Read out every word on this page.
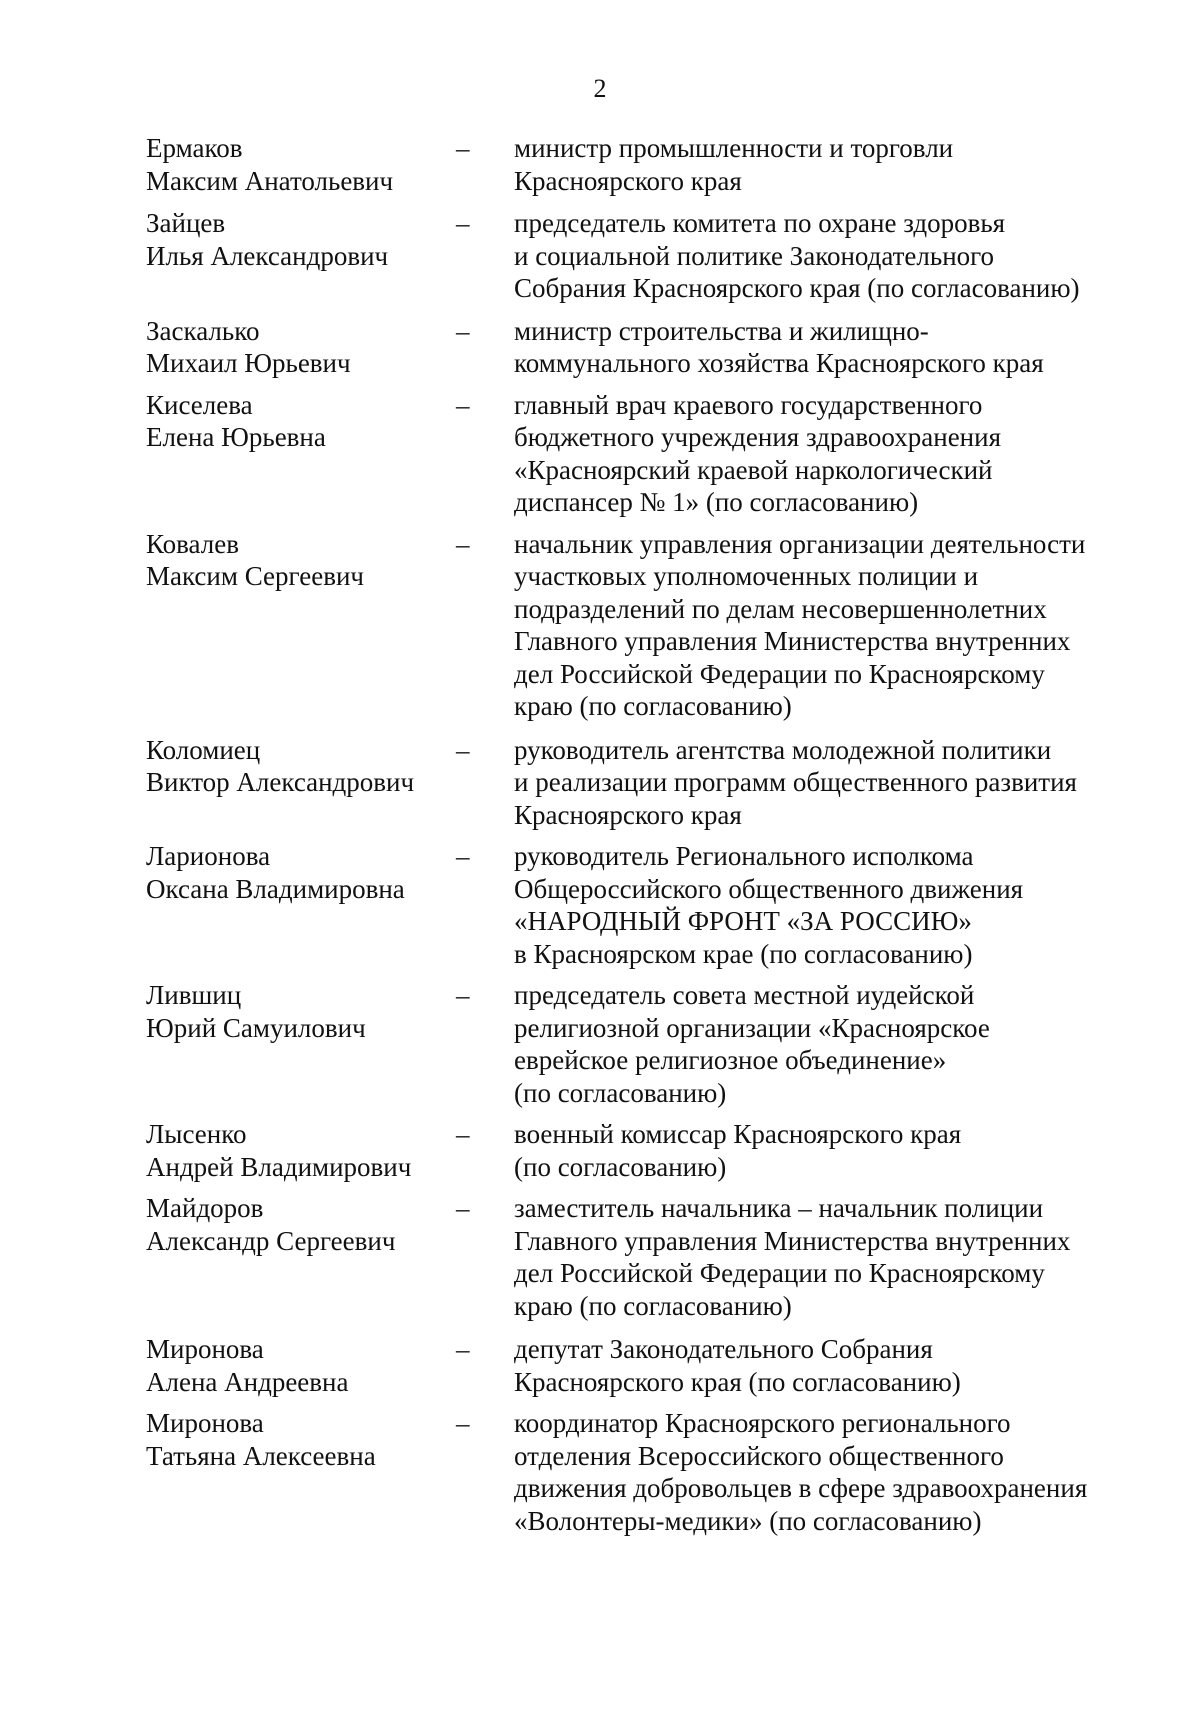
2
Ермаков
Максим Анатольевич
–	министр промышленности и торговли
Красноярского края
Зайцев
Илья Александрович
–	председатель комитета по охране здоровья
и социальной политике Законодательного
Собрания Красноярского края (по согласованию)
Заскалько
Михаил Юрьевич
–	министр строительства и жилищно-
коммунального хозяйства Красноярского края
Киселева
Елена Юрьевна
–	главный врач краевого государственного
бюджетного учреждения здравоохранения
«Красноярский краевой наркологический
диспансер № 1» (по согласованию)
Ковалев
Максим Сергеевич
–	начальник управления организации деятельности
участковых уполномоченных полиции и
подразделений по делам несовершеннолетних
Главного управления Министерства внутренних
дел Российской Федерации по Красноярскому
краю (по согласованию)
Коломиец
Виктор Александрович
–	руководитель агентства молодежной политики
и реализации программ общественного развития
Красноярского края
Ларионова
Оксана Владимировна
–	руководитель Регионального исполкома
Общероссийского общественного движения
«НАРОДНЫЙ ФРОНТ «ЗА РОССИЮ»
в Красноярском крае (по согласованию)
Лившиц
Юрий Самуилович
–	председатель совета местной иудейской
религиозной организации «Красноярское
еврейское религиозное объединение»
(по согласованию)
Лысенко
Андрей Владимирович
–	военный комиссар Красноярского края
(по согласованию)
Майдоров
Александр Сергеевич
–	заместитель начальника – начальник полиции
Главного управления Министерства внутренних
дел Российской Федерации по Красноярскому
краю (по согласованию)
Миронова
Алена Андреевна
–	депутат Законодательного Собрания
Красноярского края (по согласованию)
Миронова
Татьяна Алексеевна
–	координатор Красноярского регионального
отделения Всероссийского общественного
движения добровольцев в сфере здравоохранения
«Волонтеры-медики» (по согласованию)
